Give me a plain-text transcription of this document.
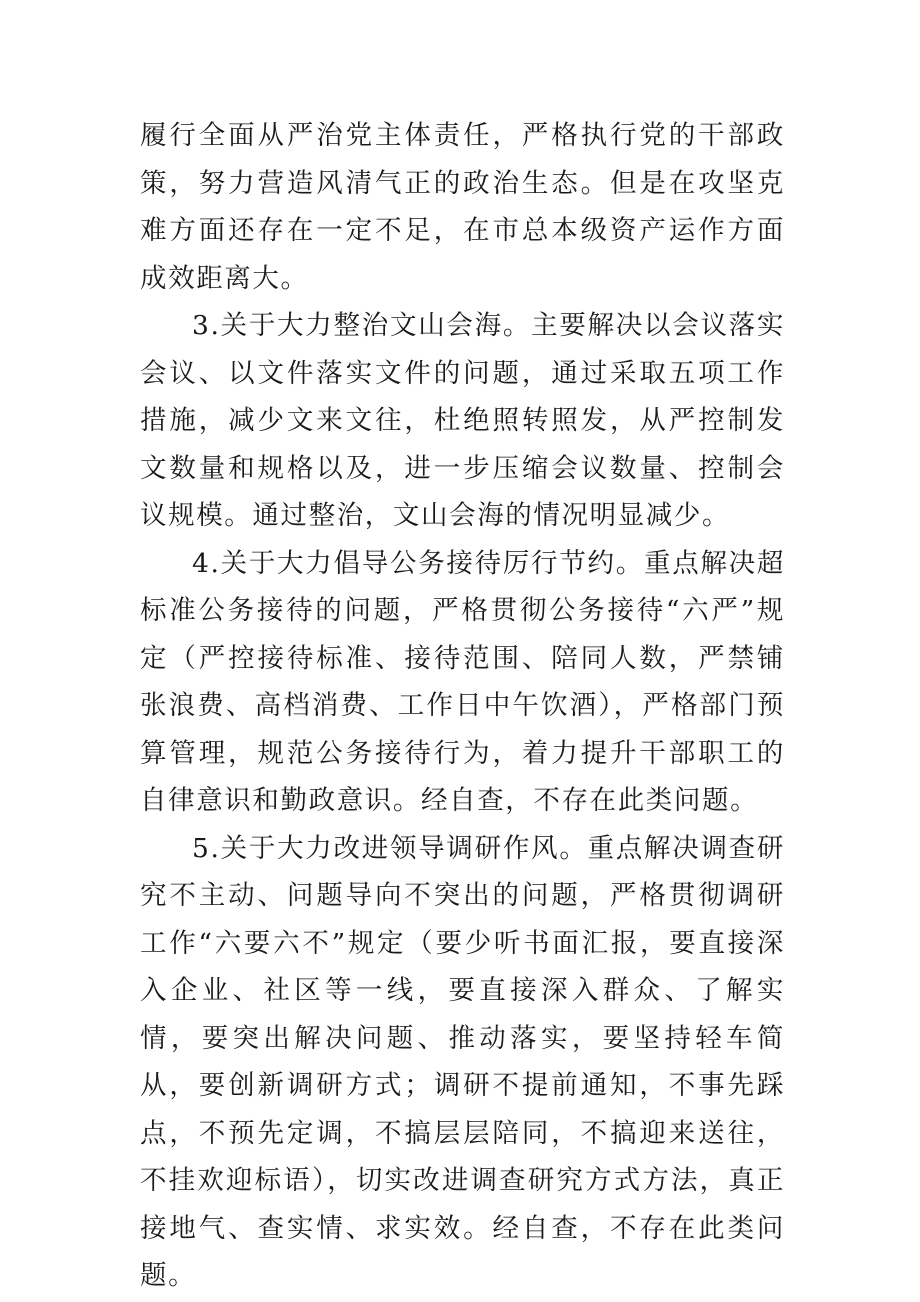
履行全面从严治党主体责任，严格执行党的干部政策，努力营造风清气正的政治生态。但是在攻坚克难方面还存在一定不足，在市总本级资产运作方面成效距离大。

3.关于大力整治文山会海。主要解决以会议落实会议、以文件落实文件的问题，通过采取五项工作措施，减少文来文往，杜绝照转照发，从严控制发文数量和规格以及，进一步压缩会议数量、控制会议规模。通过整治，文山会海的情况明显减少。

4.关于大力倡导公务接待厉行节约。重点解决超标准公务接待的问题，严格贯彻公务接待“六严”规定（严控接待标准、接待范围、陪同人数，严禁铺张浪费、高档消费、工作日中午饮酒），严格部门预算管理，规范公务接待行为，着力提升干部职工的自律意识和勤政意识。经自查，不存在此类问题。

5.关于大力改进领导调研作风。重点解决调查研究不主动、问题导向不突出的问题，严格贯彻调研工作“六要六不”规定（要少听书面汇报，要直接深入企业、社区等一线，要直接深入群众、了解实情，要突出解决问题、推动落实，要坚持轻车简从，要创新调研方式；调研不提前通知，不事先踩点，不预先定调，不搞层层陪同，不搞迎来送往，不挂欢迎标语），切实改进调查研究方式方法，真正接地气、查实情、求实效。经自查，不存在此类问题。
